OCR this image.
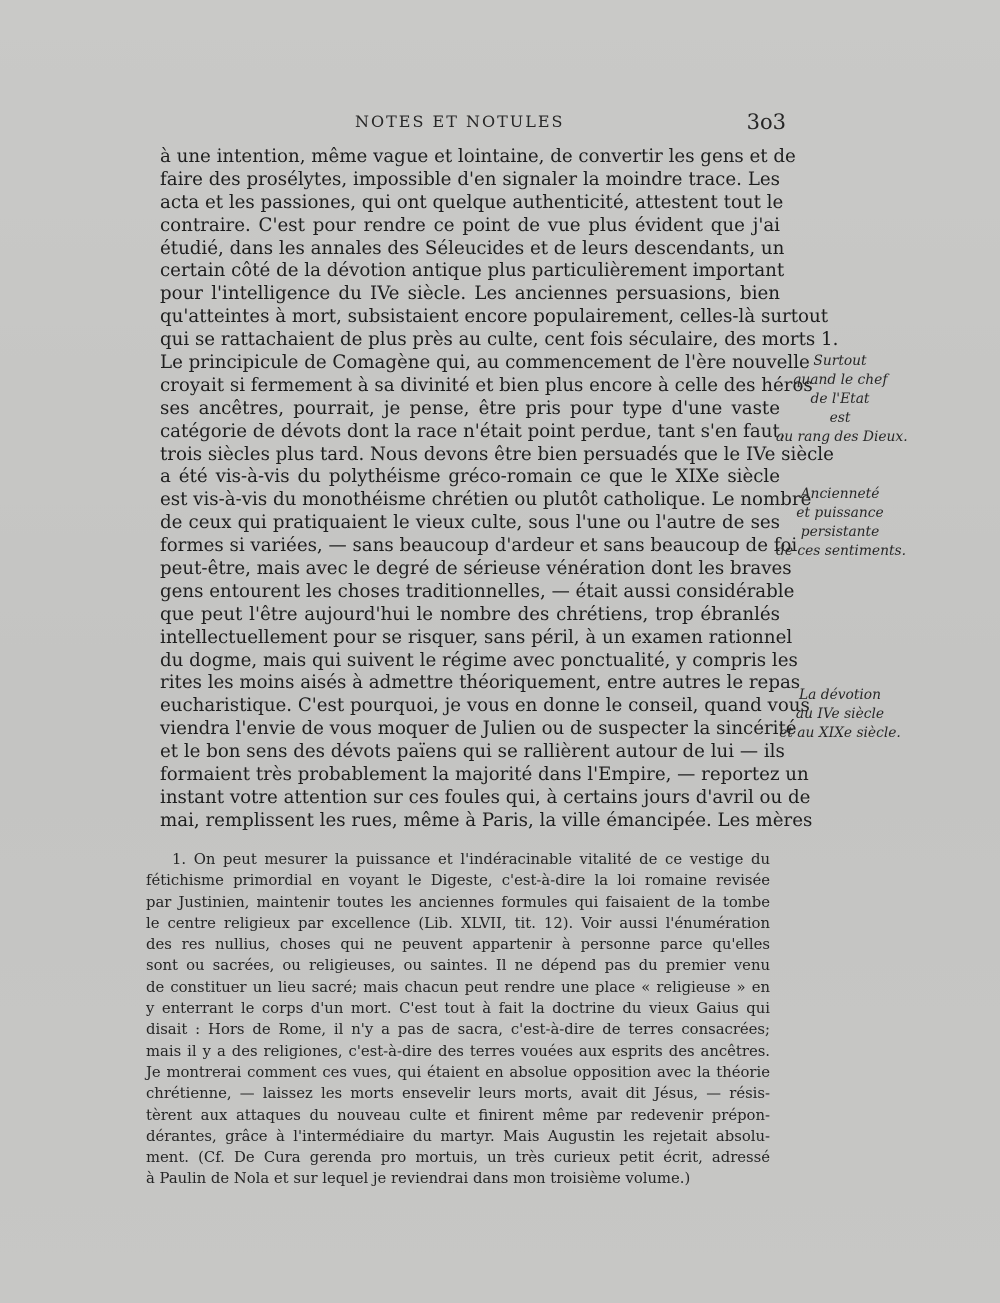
NOTES ET NOTULES	3o3
à une intention, même vague et lointaine, de convertir les gens et de
faire des prosélytes, impossible d'en signaler la moindre trace. Les
acta et les passiones, qui ont quelque authenticité, attestent tout le
contraire. C'est pour rendre ce point de vue plus évident que j'ai
étudié, dans les annales des Séleucides et de leurs descendants, un
certain côté de la dévotion antique plus particulièrement important
pour l'intelligence du IVe siècle. Les anciennes persuasions, bien
qu'atteintes à mort, subsistaient encore populairement, celles-là surtout
qui se rattachaient de plus près au culte, cent fois séculaire, des morts 1.
Le principicule de Comagène qui, au commencement de l'ère nouvelle
croyait si fermement à sa divinité et bien plus encore à celle des héros
ses ancêtres, pourrait, je pense, être pris pour type d'une vaste
catégorie de dévots dont la race n'était point perdue, tant s'en faut,
trois siècles plus tard. Nous devons être bien persuadés que le IVe siècle
a été vis-à-vis du polythéisme gréco-romain ce que le XIXe siècle
est vis-à-vis du monothéisme chrétien ou plutôt catholique. Le nombre
de ceux qui pratiquaient le vieux culte, sous l'une ou l'autre de ses
formes si variées, — sans beaucoup d'ardeur et sans beaucoup de foi
peut-être, mais avec le degré de sérieuse vénération dont les braves
gens entourent les choses traditionnelles, — était aussi considérable
que peut l'être aujourd'hui le nombre des chrétiens, trop ébranlés
intellectuellement pour se risquer, sans péril, à un examen rationnel
du dogme, mais qui suivent le régime avec ponctualité, y compris les
rites les moins aisés à admettre théoriquement, entre autres le repas
eucharistique. C'est pourquoi, je vous en donne le conseil, quand vous
viendra l'envie de vous moquer de Julien ou de suspecter la sincérité
et le bon sens des dévots païens qui se rallièrent autour de lui — ils
formaient très probablement la majorité dans l'Empire, — reportez un
instant votre attention sur ces foules qui, à certains jours d'avril ou de
mai, remplissent les rues, même à Paris, la ville émancipée. Les mères
Surtout
quand le chef
de l'Etat
est
au rang des Dieux.
Ancienneté
et puissance
persistante
de ces sentiments.
La dévotion
au IVe siècle
et au XIXe siècle.
1. On peut mesurer la puissance et l'indéracinable vitalité de ce vestige du
fétichisme primordial en voyant le Digeste, c'est-à-dire la loi romaine revisée
par Justinien, maintenir toutes les anciennes formules qui faisaient de la tombe
le centre religieux par excellence (Lib. XLVII, tit. 12). Voir aussi l'énumération
des res nullius, choses qui ne peuvent appartenir à personne parce qu'elles
sont ou sacrées, ou religieuses, ou saintes. Il ne dépend pas du premier venu
de constituer un lieu sacré; mais chacun peut rendre une place « religieuse » en
y enterrant le corps d'un mort. C'est tout à fait la doctrine du vieux Gaius qui
disait : Hors de Rome, il n'y a pas de sacra, c'est-à-dire de terres consacrées;
mais il y a des religiones, c'est-à-dire des terres vouées aux esprits des ancêtres.
Je montrerai comment ces vues, qui étaient en absolue opposition avec la théorie
chrétienne, — laissez les morts ensevelir leurs morts, avait dit Jésus, — résis-
tèrent aux attaques du nouveau culte et finirent même par redevenir prépon-
dérantes, grâce à l'intermédiaire du martyr. Mais Augustin les rejetait absolu-
ment. (Cf. De Cura gerenda pro mortuis, un très curieux petit écrit, adressé
à Paulin de Nola et sur lequel je reviendrai dans mon troisième volume.)
